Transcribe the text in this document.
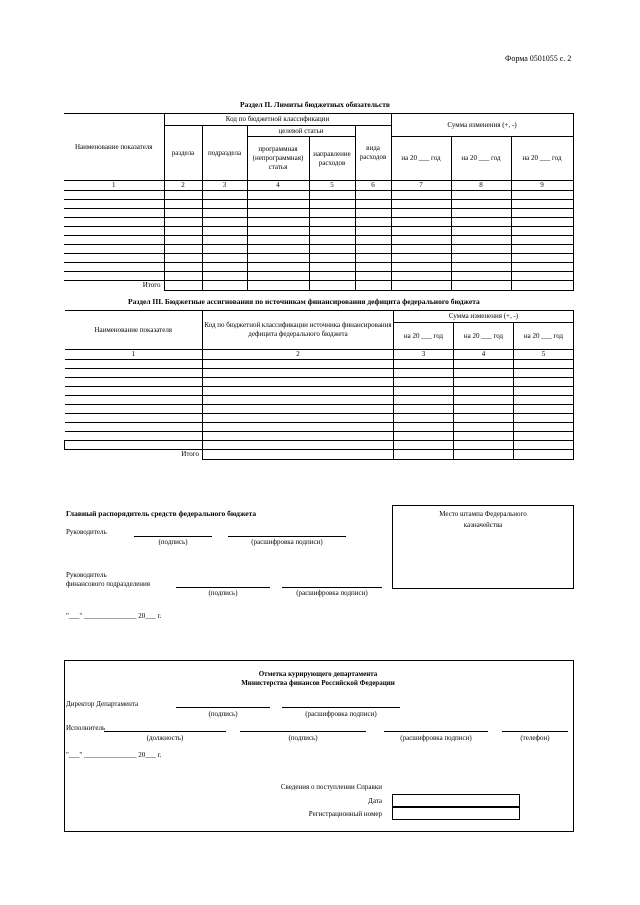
Форма 0501055 с. 2
Раздел II. Лимиты бюджетных обязательств
Наименование показателя	Код по бюджетной классификации					Сумма изменения (+, -)		
	раздела	подраздела	целевой статьи		вида расходов			
			программная (непрограммная) статья	направление расходов		на 20 ___ год	на 20 ___ год	на 20 ___ год
1	2	3	4	5	6	7	8	9

Итого								
Раздел III. Бюджетные ассигнования по источникам финансирования дефицита федерального бюджета
Наименование показателя	Код по бюджетной классификации источника финансирования дефицита федерального бюджета	Сумма изменения (+, -)		
		на 20 ___ год	на 20 ___ год	на 20 ___ год
1	2	3	4	5

Итого				
Главный распорядитель средств федерального бюджета
Руководитель
(подпись)	(расшифровка подписи)
Руководитель
финансового подразделения
(подпись)	(расшифровка подписи)
"___" _______________ 20___ г.
Место штампа Федерального казначейства
Отметка курирующего департамента
Министерства финансов Российской Федерации
Директор Департамента
(подпись)	(расшифровка подписи)
Исполнитель
(должность)	(подпись)	(расшифровка подписи)	(телефон)
"___" _______________ 20___ г.
Сведения о поступлении Справки
Дата
Регистрационный номер
